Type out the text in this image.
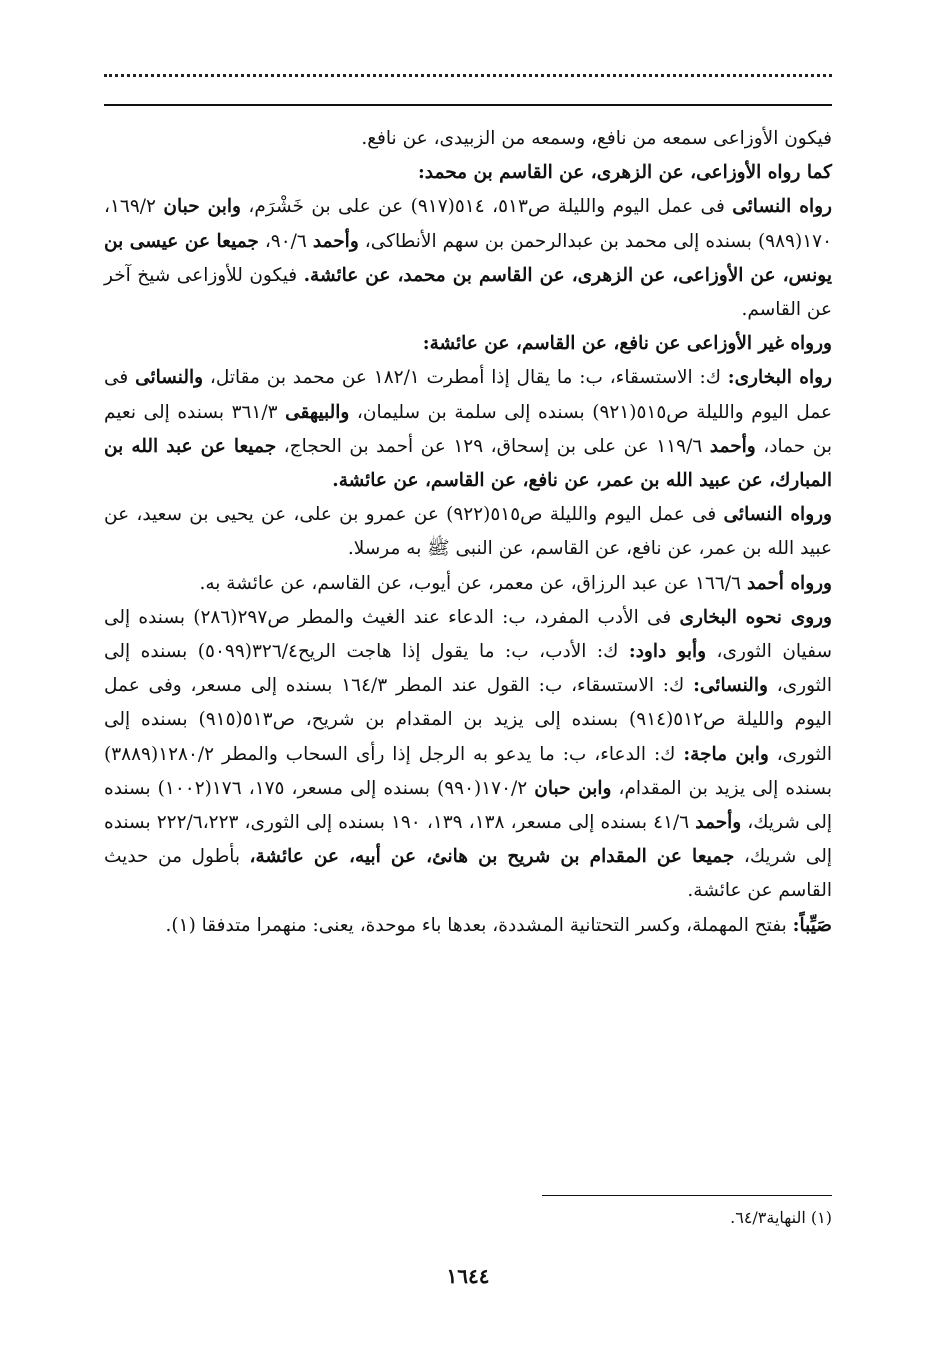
فيكون الأوزاعى سمعه من نافع، وسمعه من الزبيدى، عن نافع.

كما رواه الأوزاعى، عن الزهرى، عن القاسم بن محمد:

رواه النسائى فى عمل اليوم والليلة ص٥١٣، ٥١٤(٩١٧) عن على بن خَشْرَم، وابن حبان ١٦٩/٢، ١٧٠(٩٨٩) بسنده إلى محمد بن عبدالرحمن بن سهم الأنطاكى، وأحمد ٩٠/٦، جميعا عن عيسى بن يونس، عن الأوزاعى، عن الزهرى، عن القاسم بن محمد، عن عائشة. فيكون للأوزاعى شيخ آخر عن القاسم.

ورواه غير الأوزاعى عن نافع، عن القاسم، عن عائشة:

رواه البخارى: ك: الاستسقاء، ب: ما يقال إذا أمطرت ١٨٢/١ عن محمد بن مقاتل، والنسائى فى عمل اليوم والليلة ص٥١٥(٩٢١) بسنده إلى سلمة بن سليمان، والبيهقى ٣٦١/٣ بسنده إلى نعيم بن حماد، وأحمد ١١٩/٦ عن على بن إسحاق، ١٢٩ عن أحمد بن الحجاج، جميعا عن عبد الله بن المبارك، عن عبيد الله بن عمر، عن نافع، عن القاسم، عن عائشة.

ورواه النسائى فى عمل اليوم والليلة ص٥١٥(٩٢٢) عن عمرو بن على، عن يحيى بن سعيد، عن عبيد الله بن عمر، عن نافع، عن القاسم، عن النبى ﷺ به مرسلا.

ورواه أحمد ١٦٦/٦ عن عبد الرزاق، عن معمر، عن أيوب، عن القاسم، عن عائشة به.

وروى نحوه البخارى فى الأدب المفرد، ب: الدعاء عند الغيث والمطر ص٢٩٧(٢٨٦) بسنده إلى سفيان الثورى، وأبو داود: ك: الأدب، ب: ما يقول إذا هاجت الريح٣٢٦/٤(٥٠٩٩) بسنده إلى الثورى، والنسائى: ك: الاستسقاء، ب: القول عند المطر ١٦٤/٣ بسنده إلى مسعر، وفى عمل اليوم والليلة ص٥١٢(٩١٤) بسنده إلى يزيد بن المقدام بن شريح، ص٥١٣(٩١٥) بسنده إلى الثورى، وابن ماجة: ك: الدعاء، ب: ما يدعو به الرجل إذا رأى السحاب والمطر ١٢٨٠/٢(٣٨٨٩) بسنده إلى يزيد بن المقدام، وابن حبان ١٧٠/٢(٩٩٠) بسنده إلى مسعر، ١٧٥، ١٧٦(١٠٠٢) بسنده إلى شريك، وأحمد ٤١/٦ بسنده إلى مسعر، ١٣٨، ١٣٩، ١٩٠ بسنده إلى الثورى، ٢٢٢/٦،٢٢٣ بسنده إلى شريك، جميعا عن المقدام بن شريح بن هانئ، عن أبيه، عن عائشة، بأطول من حديث القاسم عن عائشة.

صَيِّباً: بفتح المهملة، وكسر التحتانية المشددة، بعدها باء موحدة، يعنى: منهمرا متدفقا (١).

(١) النهاية٦٤/٣.
١٦٤٤
